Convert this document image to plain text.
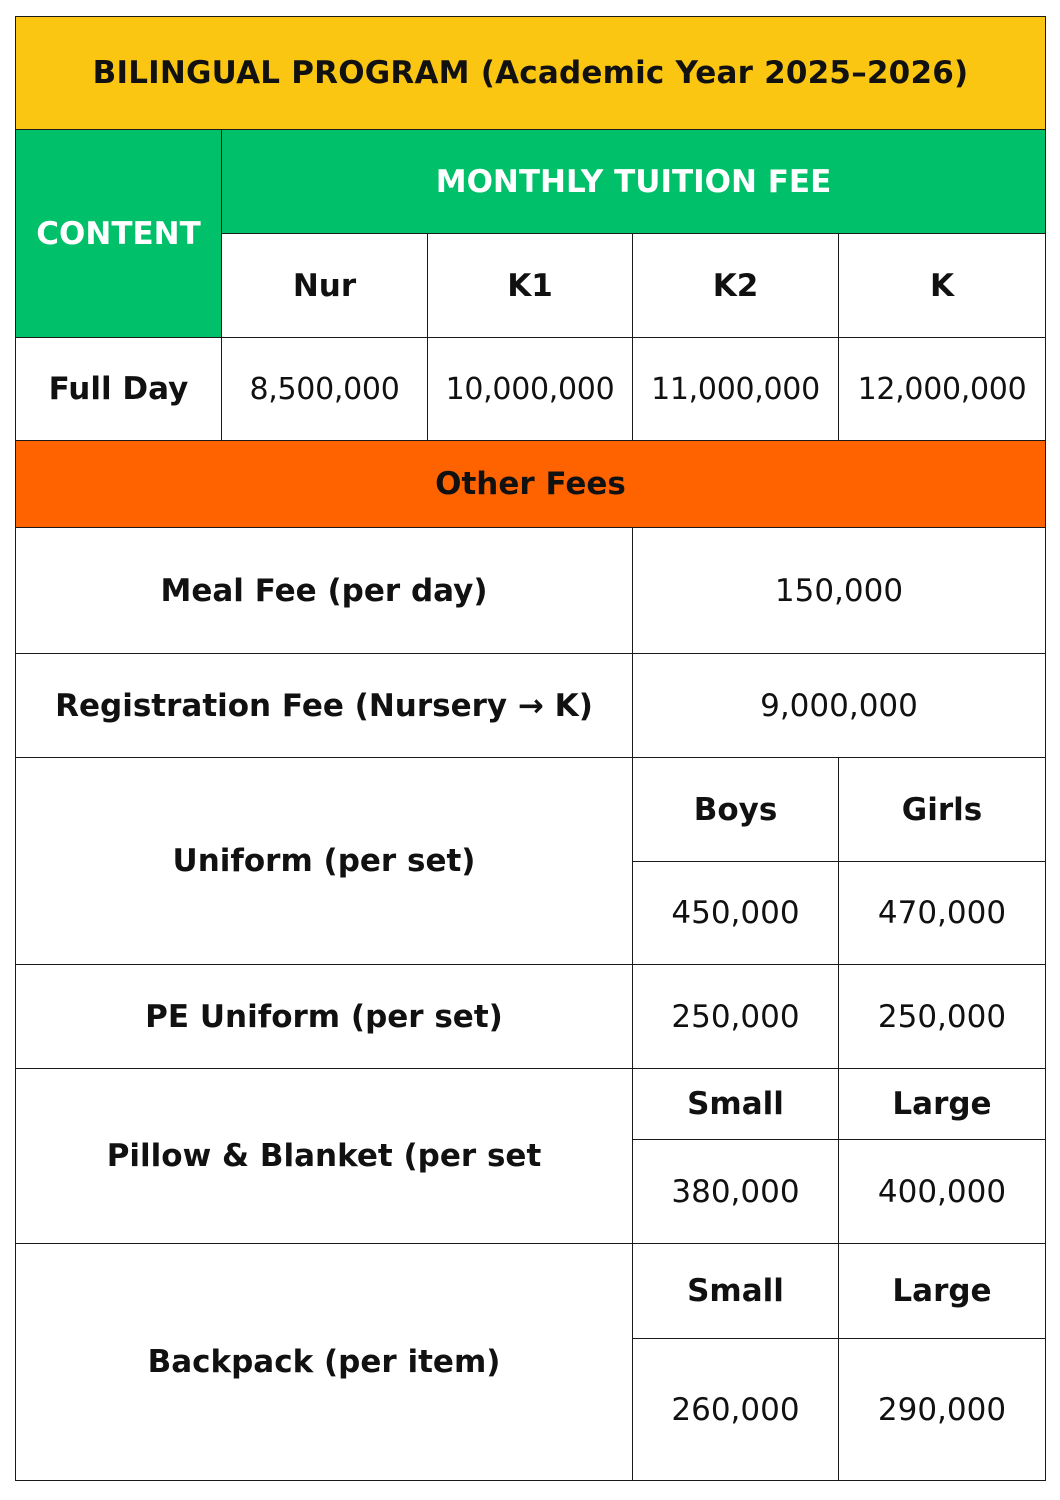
BILINGUAL PROGRAM (Academic Year 2025–2026)				
CONTENT	MONTHLY TUITION FEE			
	Nur	K1	K2	K
Full Day	8,500,000	10,000,000	11,000,000	12,000,000
Other Fees				
Meal Fee (per day)			150,000	
Registration Fee (Nursery → K)			9,000,000	
Uniform (per set)			Boys	Girls
			450,000	470,000
PE Uniform (per set)			250,000	250,000
Pillow & Blanket (per set			Small	Large
			380,000	400,000
Backpack (per item)			Small	Large
			260,000	290,000
